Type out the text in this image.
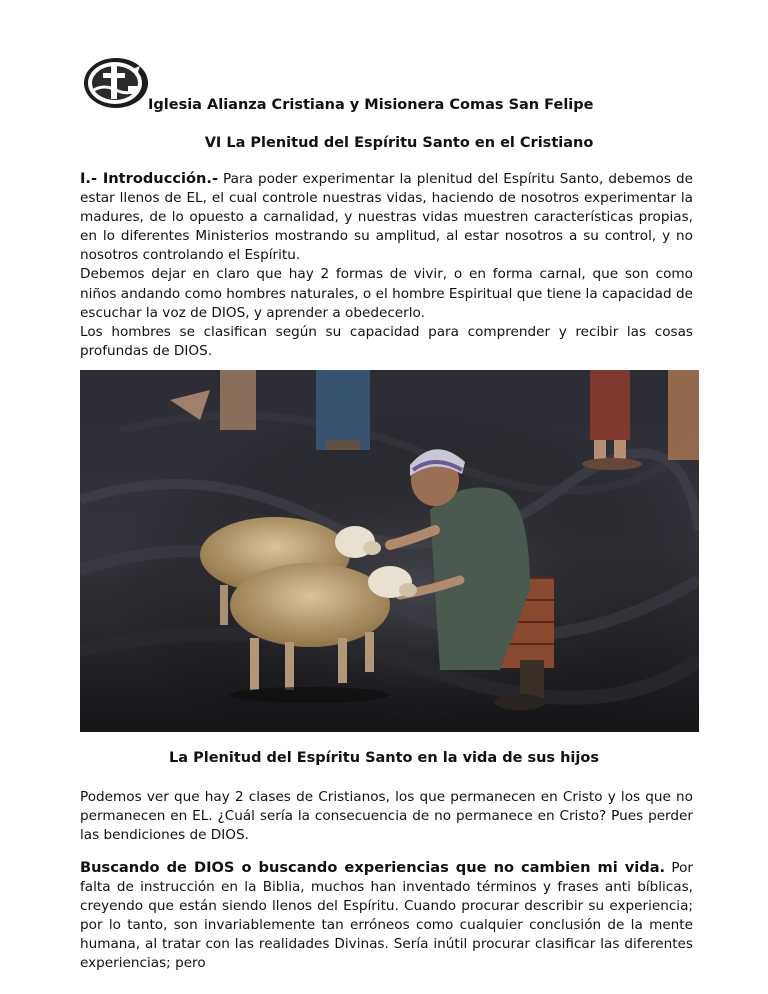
Iglesia Alianza Cristiana y Misionera Comas San Felipe
VI La Plenitud del Espíritu Santo en el Cristiano

I.- Introducción.- Para poder experimentar la plenitud del Espíritu Santo, debemos de estar llenos de EL, el cual controle nuestras vidas, haciendo de nosotros experimentar la madures, de lo opuesto a carnalidad, y nuestras vidas muestren características propias, en lo diferentes Ministerios mostrando su amplitud, al estar nosotros a su control, y no nosotros controlando el Espíritu.

Debemos dejar en claro que hay 2 formas de vivir, o en forma carnal, que son como niños andando como hombres naturales, o el hombre Espiritual que tiene la capacidad de escuchar la voz de DIOS, y aprender a obedecerlo.

Los hombres se clasifican según su capacidad para comprender y recibir las cosas profundas de DIOS.

La Plenitud del Espíritu Santo en la vida de sus hijos
Podemos ver que hay 2 clases de Cristianos, los que permanecen en Cristo y los que no permanecen en EL. ¿Cuál sería la consecuencia de no permanece en Cristo? Pues perder las bendiciones de DIOS.

Buscando de DIOS o buscando experiencias que no cambien mi vida. Por falta de instrucción en la Biblia, muchos han inventado términos y frases anti bíblicas, creyendo que están siendo llenos del Espíritu. Cuando procurar describir su experiencia; por lo tanto, son invariablemente tan erróneos como cualquier conclusión de la mente humana, al tratar con las realidades Divinas. Sería inútil procurar clasificar las diferentes experiencias; pero
